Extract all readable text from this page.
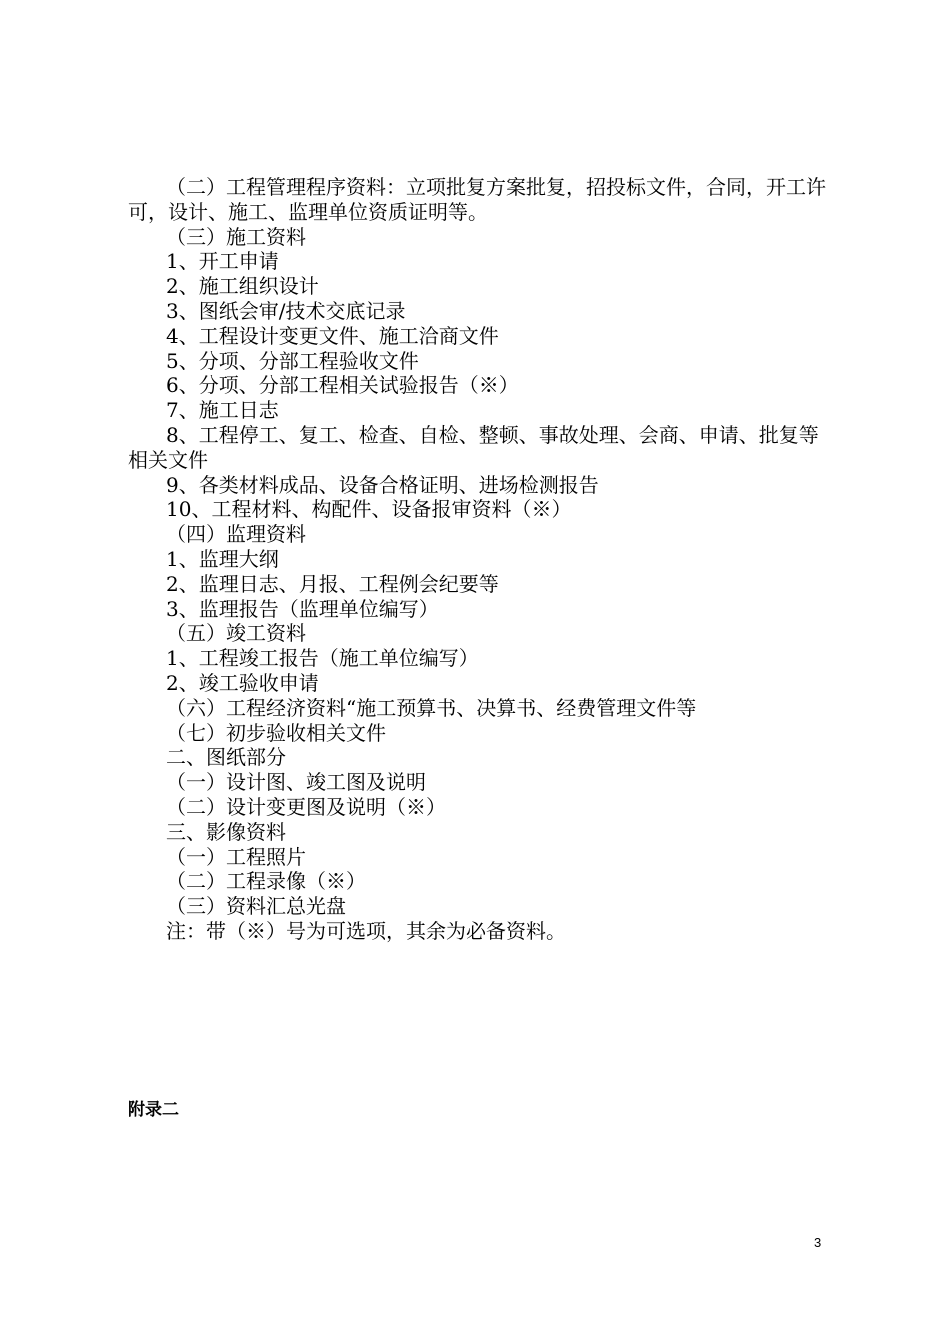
（二）工程管理程序资料：立项批复方案批复，招投标文件，合同，开工许可，设计、施工、监理单位资质证明等。

（三）施工资料

1、开工申请

2、施工组织设计

3、图纸会审/技术交底记录

4、工程设计变更文件、施工洽商文件

5、分项、分部工程验收文件

6、分项、分部工程相关试验报告（※）

7、施工日志

8、工程停工、复工、检查、自检、整顿、事故处理、会商、申请、批复等相关文件

9、各类材料成品、设备合格证明、进场检测报告

10、工程材料、构配件、设备报审资料（※）

（四）监理资料

1、监理大纲

2、监理日志、月报、工程例会纪要等

3、监理报告（监理单位编写）

（五）竣工资料

1、工程竣工报告（施工单位编写）

2、竣工验收申请

（六）工程经济资料“施工预算书、决算书、经费管理文件等

（七）初步验收相关文件

二、图纸部分

（一）设计图、竣工图及说明

（二）设计变更图及说明（※）

三、影像资料

（一）工程照片

（二）工程录像（※）

（三）资料汇总光盘

注：带（※）号为可选项，其余为必备资料。

附录二
3
